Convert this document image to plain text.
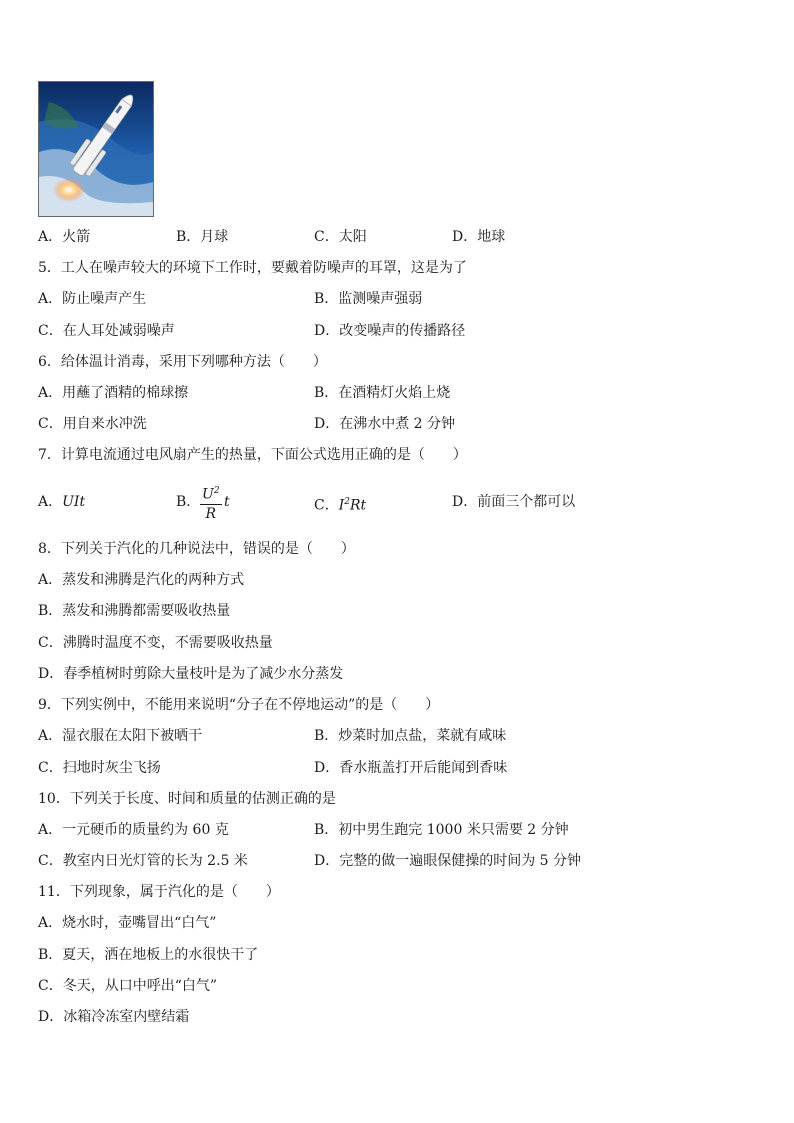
A．火箭	B．月球	C．太阳	D．地球
5．工人在噪声较大的环境下工作时，要戴着防噪声的耳罩，这是为了
A．防止噪声产生	B．监测噪声强弱
C．在人耳处减弱噪声	D．改变噪声的传播路径
6．给体温计消毒，采用下列哪种方法（　　）
A．用蘸了酒精的棉球擦	B．在酒精灯火焰上烧
C．用自来水冲洗	D．在沸水中煮 2 分钟
7．计算电流通过电风扇产生的热量，下面公式选用正确的是（　　）
A．UIt	B． $\frac{U^2}{R}$ t	C．$I^2Rt$	D．前面三个都可以
8．下列关于汽化的几种说法中，错误的是（　　）
A．蒸发和沸腾是汽化的两种方式
B．蒸发和沸腾都需要吸收热量
C．沸腾时温度不变，不需要吸收热量
D．春季植树时剪除大量枝叶是为了减少水分蒸发
9．下列实例中，不能用来说明“分子在不停地运动”的是（　　）
A．湿衣服在太阳下被晒干	B．炒菜时加点盐，菜就有咸味
C．扫地时灰尘飞扬	D．香水瓶盖打开后能闻到香味
10．下列关于长度、时间和质量的估测正确的是
A．一元硬币的质量约为 60 克	B．初中男生跑完 1000 米只需要 2 分钟
C．教室内日光灯管的长为 2.5 米	D．完整的做一遍眼保健操的时间为 5 分钟
11．下列现象，属于汽化的是（　　）
A．烧水时，壶嘴冒出“白气”
B．夏天，洒在地板上的水很快干了
C．冬天，从口中呼出“白气”
D．冰箱冷冻室内壁结霜
